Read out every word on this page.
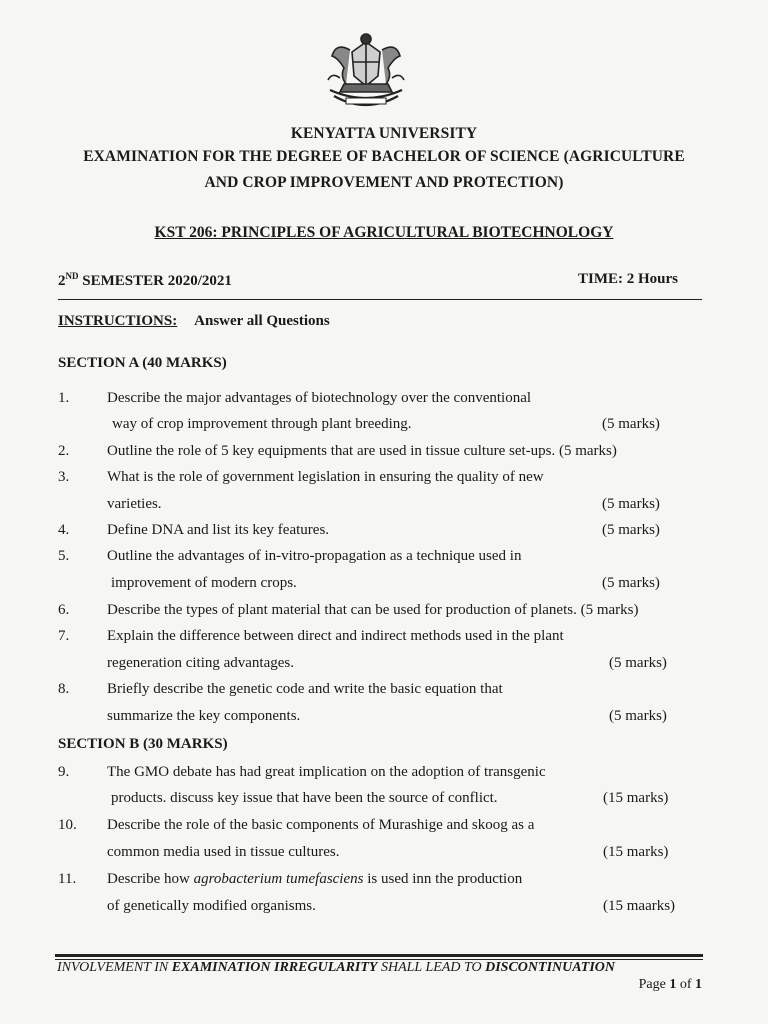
KENYATTA UNIVERSITY
EXAMINATION FOR THE DEGREE OF BACHELOR OF SCIENCE (AGRICULTURE
AND CROP IMPROVEMENT AND PROTECTION)
KST 206: PRINCIPLES OF AGRICULTURAL BIOTECHNOLOGY
2ND SEMESTER 2020/2021	TIME: 2 Hours
INSTRUCTIONS: Answer all Questions
SECTION A (40 MARKS)
1.	Describe the major advantages of biotechnology over the conventional
way of crop improvement through plant breeding.	(5 marks)
2.	Outline the role of 5 key equipments that are used in tissue culture set-ups. (5 marks)
3.	What is the role of government legislation in ensuring the quality of new
varieties.	(5 marks)
4.	Define DNA and list its key features.	(5 marks)
5.	Outline the advantages of in-vitro-propagation as a technique used in
improvement of modern crops.	(5 marks)
6.	Describe the types of plant material that can be used for production of planets. (5 marks)
7.	Explain the difference between direct and indirect methods used in the plant
regeneration citing advantages.	(5 marks)
8.	Briefly describe the genetic code and write the basic equation that
summarize the key components.	(5 marks)
SECTION B (30 MARKS)
9.	The GMO debate has had great implication on the adoption of transgenic
products. discuss key issue that have been the source of conflict.	(15 marks)
10. Describe the role of the basic components of Murashige and skoog as a
common media used in tissue cultures.	(15 marks)
11. Describe how agrobacterium tumefasciens is used inn the production
of genetically modified organisms.	(15 maarks)
INVOLVEMENT IN EXAMINATION IRREGULARITY SHALL LEAD TO DISCONTINUATION
Page 1 of 1
